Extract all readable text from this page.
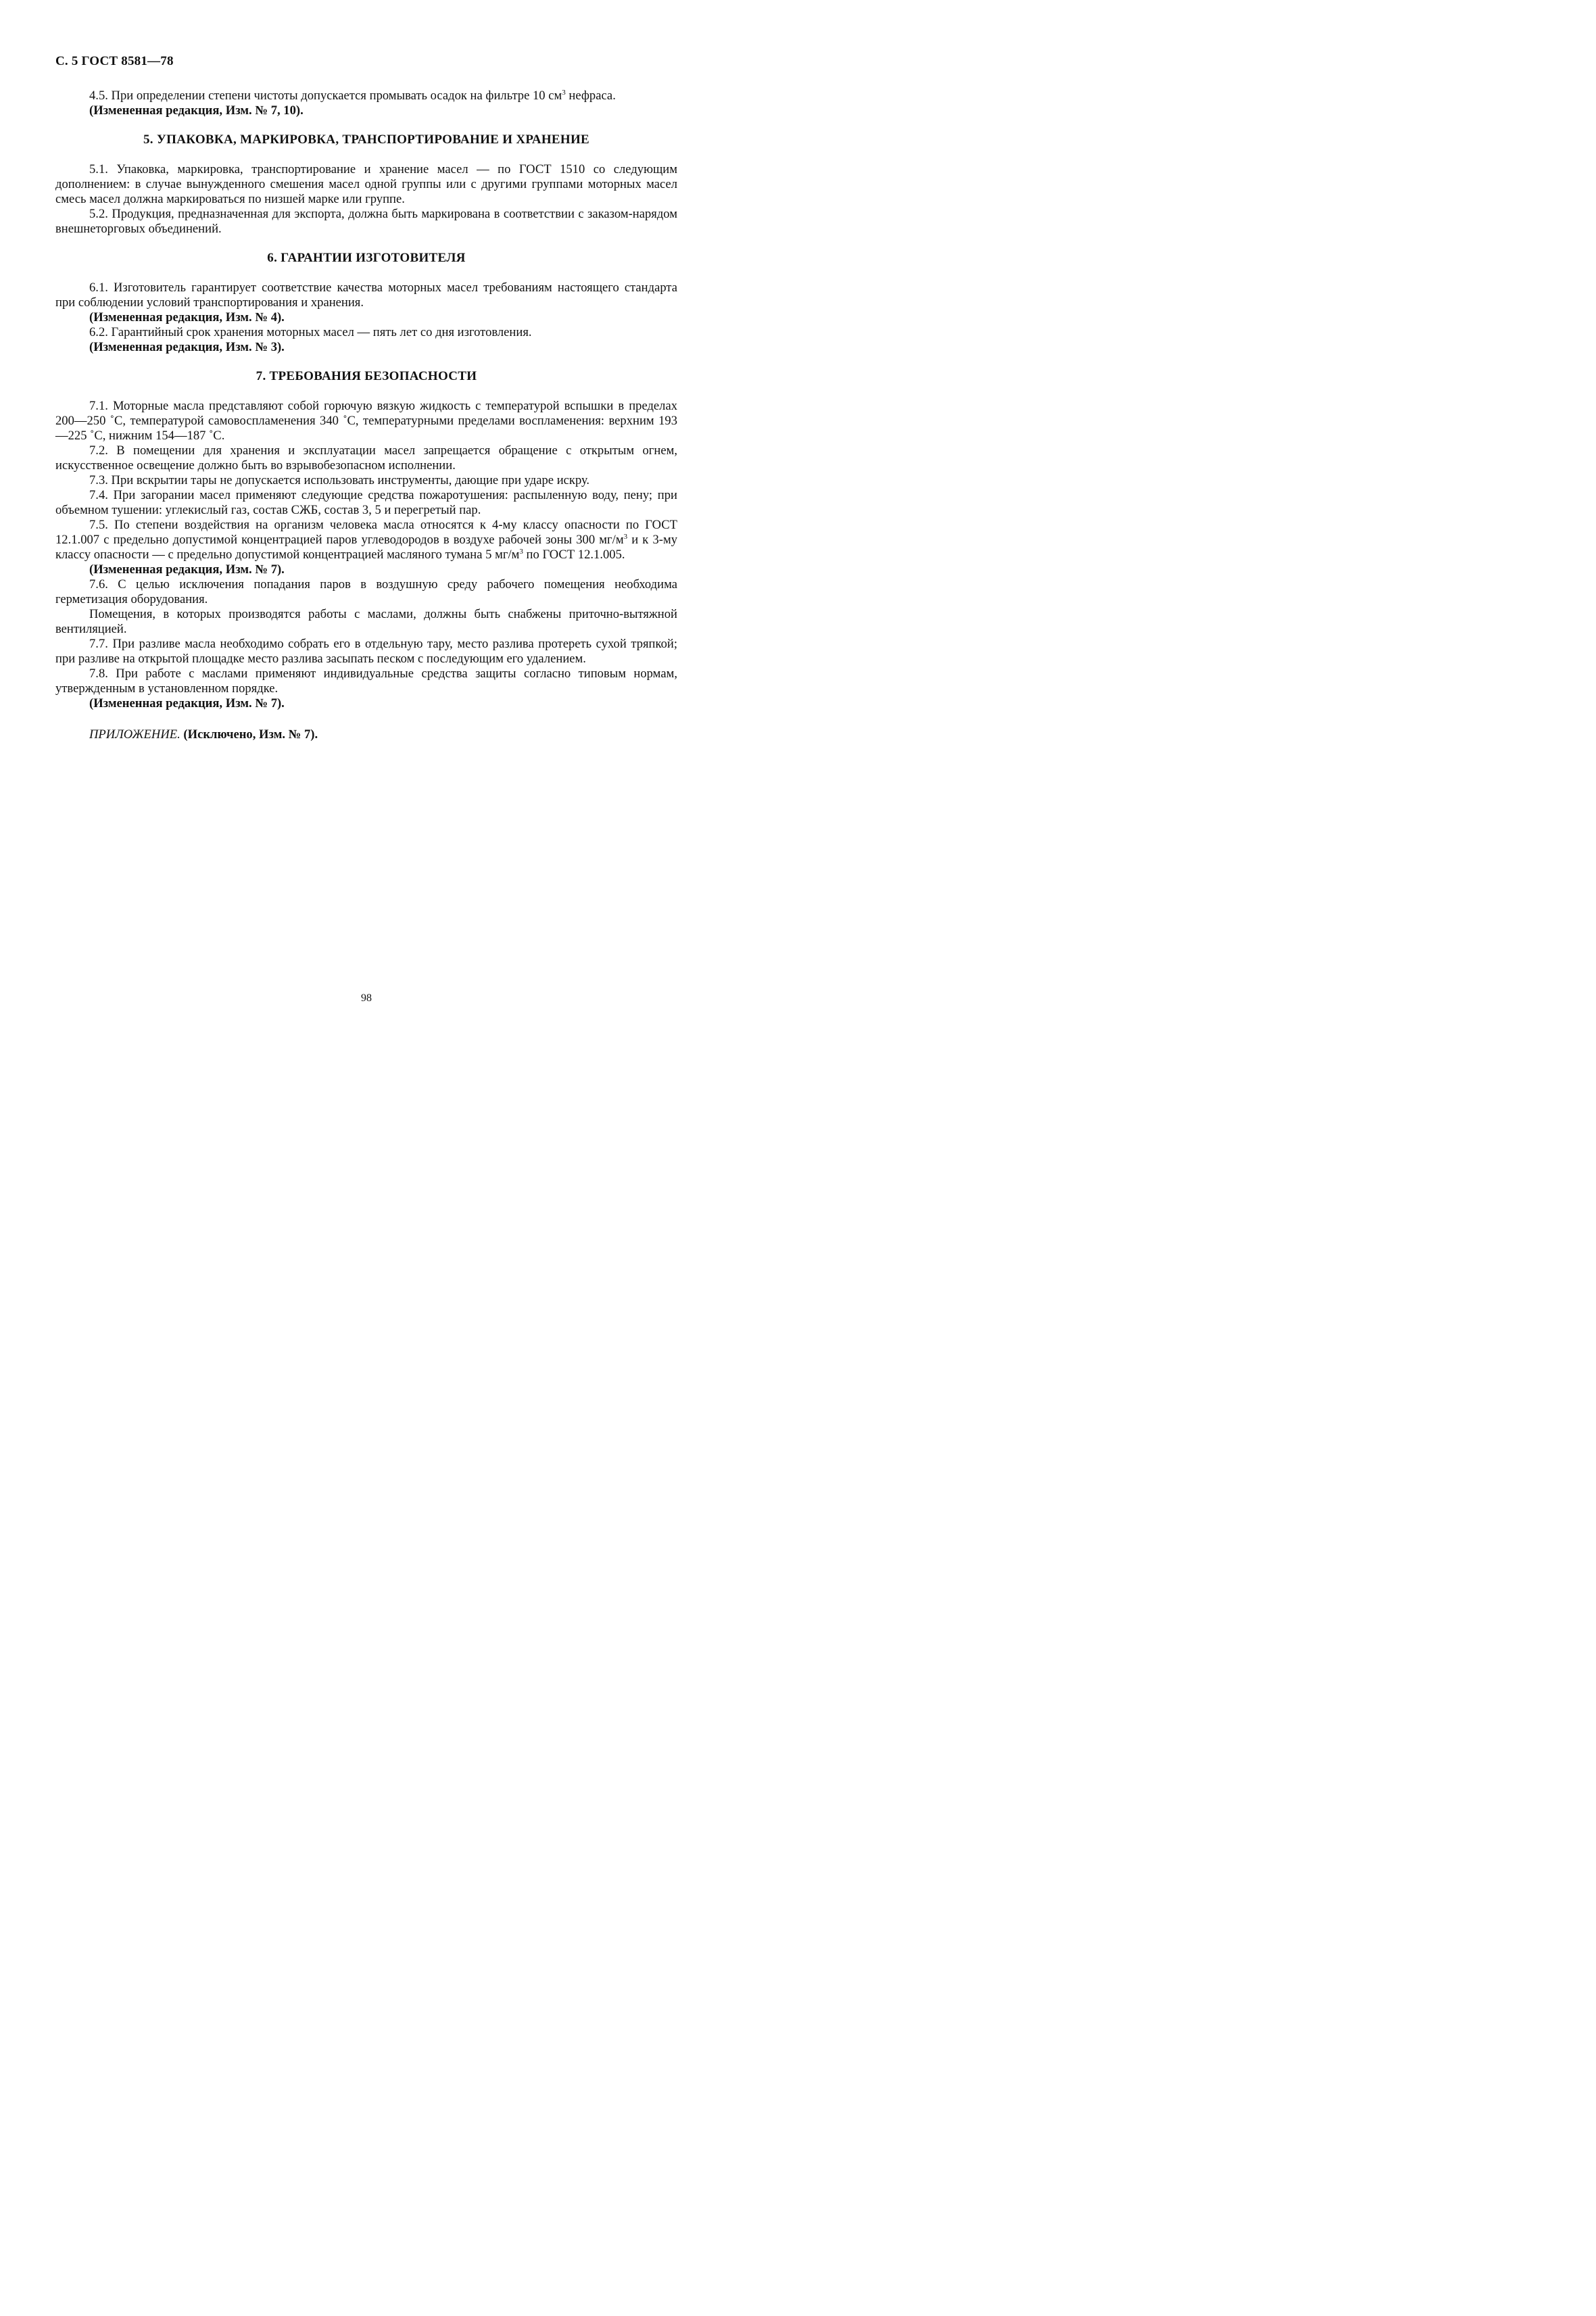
С. 5 ГОСТ 8581—78

4.5. При определении степени чистоты допускается промывать осадок на фильтре 10 $см^3$ нефраса.

(Измененная редакция, Изм. № 7, 10).

5. УПАКОВКА, МАРКИРОВКА, ТРАНСПОРТИРОВАНИЕ И ХРАНЕНИЕ

5.1. Упаковка, маркировка, транспортирование и хранение масел — по ГОСТ 1510 со следующим дополнением: в случае вынужденного смешения масел одной группы или с другими группами моторных масел смесь масел должна маркироваться по низшей марке или группе.

5.2. Продукция, предназначенная для экспорта, должна быть маркирована в соответствии с заказом-нарядом внешнеторговых объединений.

6. ГАРАНТИИ ИЗГОТОВИТЕЛЯ

6.1. Изготовитель гарантирует соответствие качества моторных масел требованиям настоящего стандарта при соблюдении условий транспортирования и хранения.

(Измененная редакция, Изм. № 4).

6.2. Гарантийный срок хранения моторных масел — пять лет со дня изготовления.

(Измененная редакция, Изм. № 3).

7. ТРЕБОВАНИЯ БЕЗОПАСНОСТИ

7.1. Моторные масла представляют собой горючую вязкую жидкость с температурой вспышки в пределах 200—250 ˚С, температурой самовоспламенения 340 ˚С, температурными пределами воспламенения: верхним 193—225 ˚С, нижним 154—187 ˚С.

7.2. В помещении для хранения и эксплуатации масел запрещается обращение с открытым огнем, искусственное освещение должно быть во взрывобезопасном исполнении.

7.3. При вскрытии тары не допускается использовать инструменты, дающие при ударе искру.

7.4. При загорании масел применяют следующие средства пожаротушения: распыленную воду, пену; при объемном тушении: углекислый газ, состав СЖБ, состав 3, 5 и перегретый пар.

7.5. По степени воздействия на организм человека масла относятся к 4-му классу опасности по ГОСТ 12.1.007 с предельно допустимой концентрацией паров углеводородов в воздухе рабочей зоны 300 $мг/м^3$ и к 3-му классу опасности — с предельно допустимой концентрацией масляного тумана 5 $мг/м^3$ по ГОСТ 12.1.005.

(Измененная редакция, Изм. № 7).

7.6. С целью исключения попадания паров в воздушную среду рабочего помещения необходима герметизация оборудования.

Помещения, в которых производятся работы с маслами, должны быть снабжены приточно-вытяжной вентиляцией.

7.7. При разливе масла необходимо собрать его в отдельную тару, место разлива протереть сухой тряпкой; при разливе на открытой площадке место разлива засыпать песком с последующим его удалением.

7.8. При работе с маслами применяют индивидуальные средства защиты согласно типовым нормам, утвержденным в установленном порядке.

(Измененная редакция, Изм. № 7).

ПРИЛОЖЕНИЕ. (Исключено, Изм. № 7).

98
